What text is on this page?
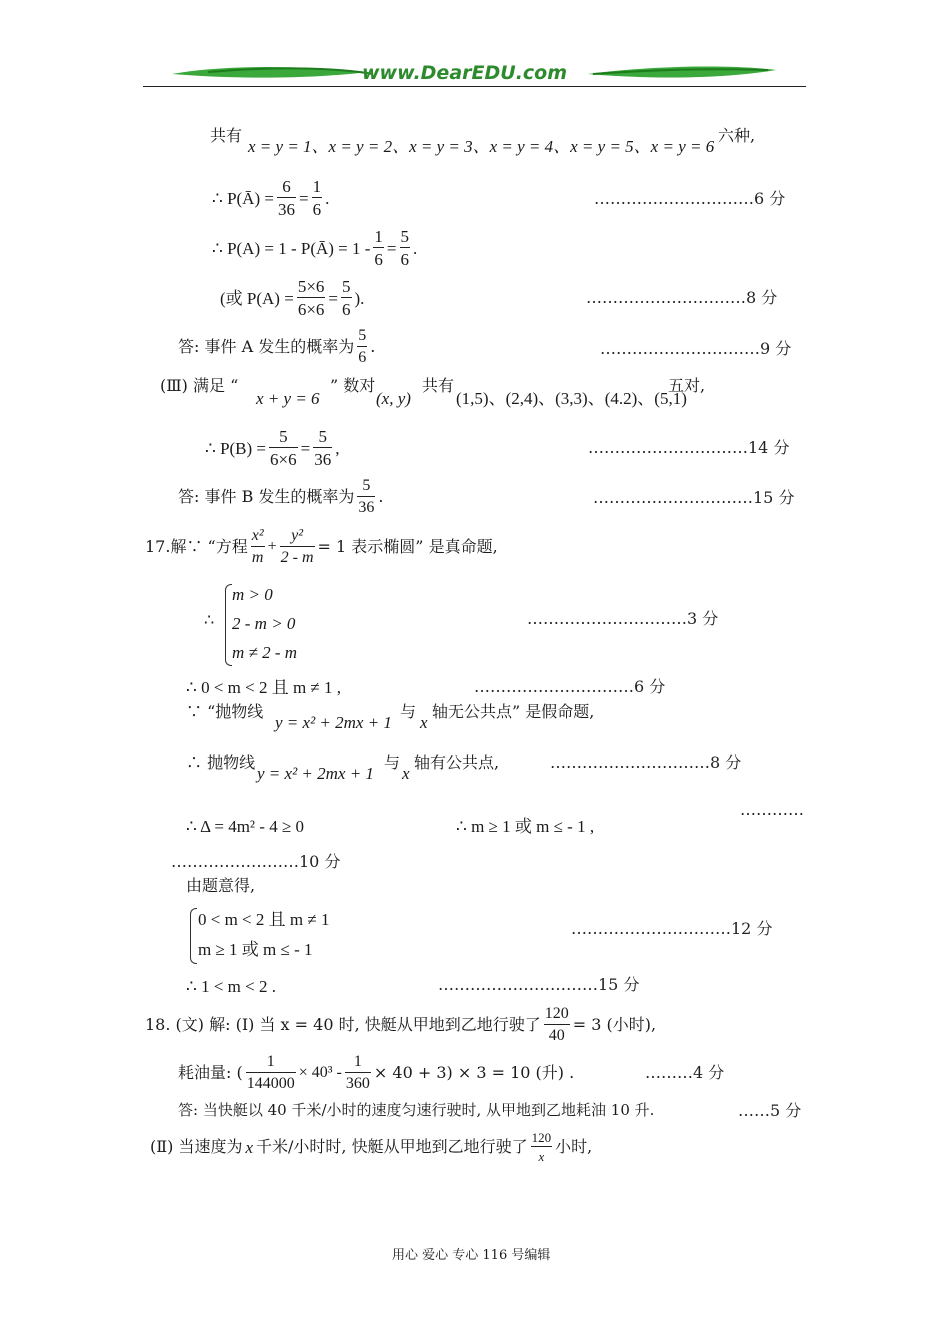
www.DearEDU.com
共有
x = y = 1、x = y = 2、x = y = 3、x = y = 4、x = y = 5、x = y = 6
六种,
∴ P(Ā) = $\frac{6}{36} = \frac{1}{6}$ .	…………………………6 分
∴ P(A) = 1 - P(Ā) = $1 - \frac{1}{6} = \frac{5}{6}$ .
(或 $P(A) = \frac{5\times 6}{6\times 6} = \frac{5}{6}$ ).	…………………………8 分
答: 事件 A 发生的概率为 $\frac{5}{6}$ .	…………………………9 分
(Ⅲ) 满足 “
x + y = 6
” 数对
(x, y)
共有
(1,5)、(2,4)、(3,3)、(4.2)、(5,1)
五对,
∴ $P(B) = \frac{5}{6\times 6} = \frac{5}{36}$ ,	…………………………14 分
答: 事件 B 发生的概率为 $\frac{5}{36}$ .	…………………………15 分
17.解∵ “方程 $\frac{\text{x²}}{m} + \frac{\text{y²}}{2 - m} = 1$ 表示椭圆” 是真命题,
∴
m > 0
2 - m > 0
m ≠ 2 - m
…………………………3 分
∴ 0 < m < 2 且 m ≠ 1 ,	…………………………6 分
∵ “抛物线
y = x² + 2mx + 1
与
x
轴无公共点” 是假命题,
∴ 抛物线
y = x² + 2mx + 1
与
x
轴有公共点,	…………………………8 分
∴ Δ = 4m² - 4 ≥ 0	∴ m ≥ 1 或 m ≤ - 1 ,
…………
……………………10 分
由题意得,
0 < m < 2 且 m ≠ 1
m ≥ 1 或 m ≤ - 1
…………………………12 分
∴ 1 < m < 2 .	…………………………15 分
18. (文) 解: (Ⅰ) 当 x = 40 时, 快艇从甲地到乙地行驶了 $\frac{120}{40} = 3$ (小时),
耗油量: ( $\frac{1}{144000} \times 40^3 - \frac{1}{360} \times 40 + 3) \times 3 = 10$ (升) .	………4 分
答: 当快艇以 40 千米/小时的速度匀速行驶时, 从甲地到乙地耗油 10 升.	……5 分
(Ⅱ) 当速度为 x 千米/小时时, 快艇从甲地到乙地行驶了 $\frac{120}{x}$ 小时,
用心 爱心 专心 116 号编辑
